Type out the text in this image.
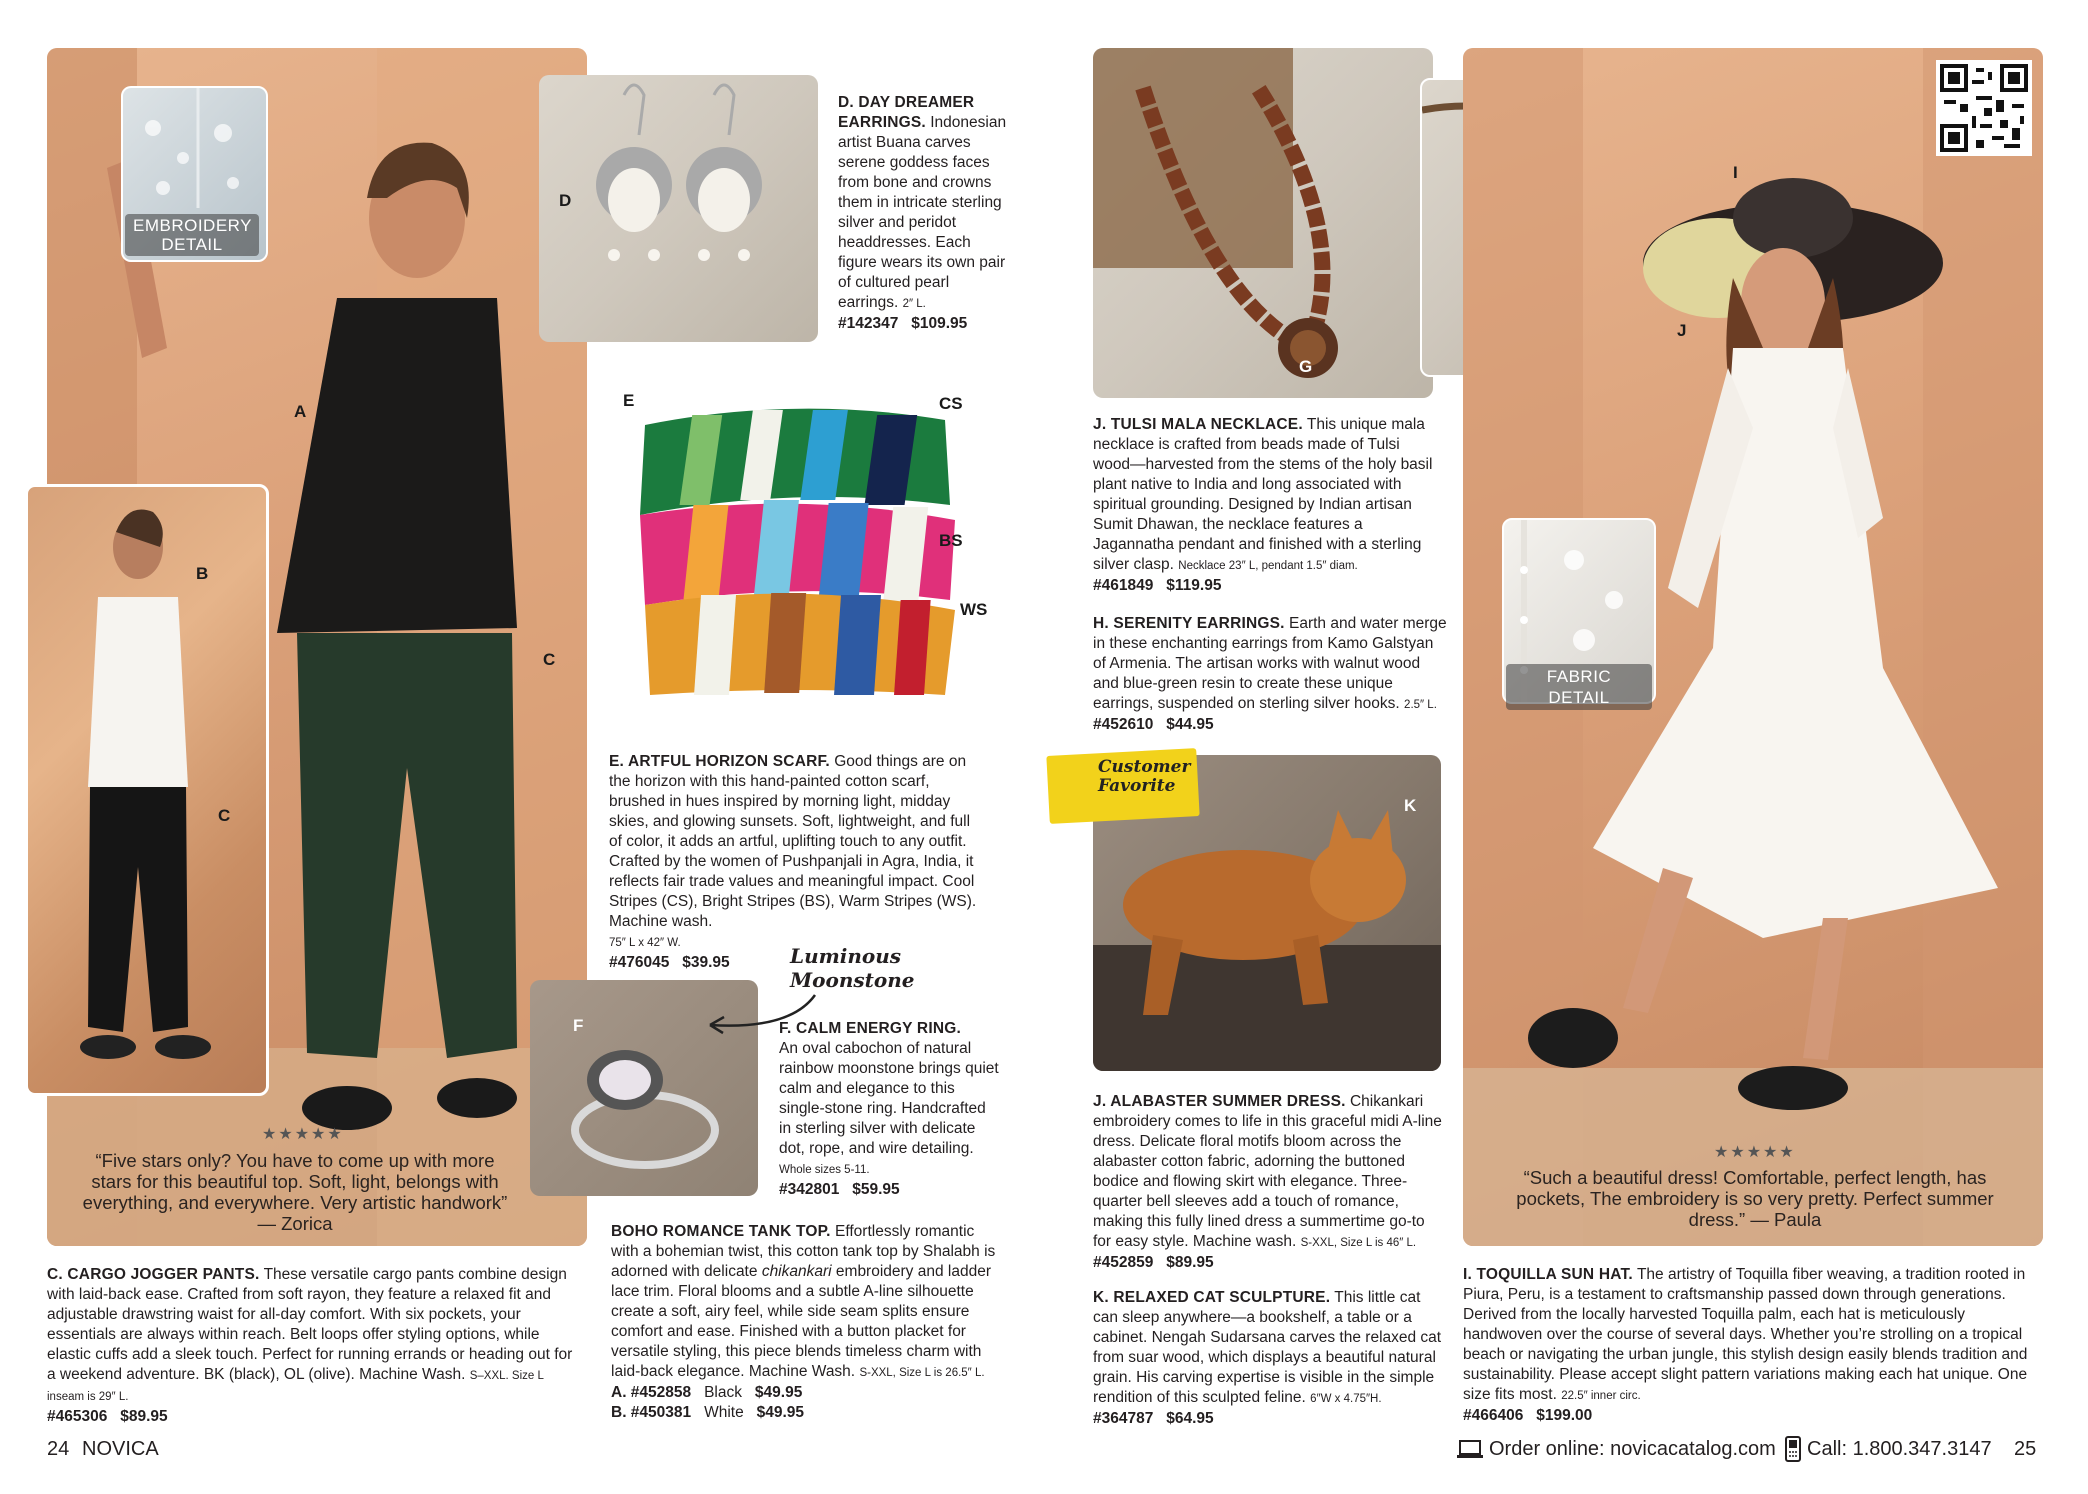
EMBROIDERY DETAIL
A
B
C
C
★★★★★
“Five stars only? You have to come up with more stars for this beautiful top. Soft, light, belongs with everything, and everywhere. Very artistic handwork” — Zorica
D
D. DAY DREAMER EARRINGS. Indonesian artist Buana carves serene goddess faces from bone and crowns them in intricate sterling silver and peridot headdresses. Each figure wears its own pair of cultured pearl earrings. 2″ L.
#142347 $109.95
E	CS
BS
WS
E. ARTFUL HORIZON SCARF. Good things are on the horizon with this hand-painted cotton scarf, brushed in hues inspired by morning light, midday skies, and glowing sunsets. Soft, lightweight, and full of color, it adds an artful, uplifting touch to any outfit. Crafted by the women of Pushpanjali in Agra, India, it reflects fair trade values and meaningful impact. Cool Stripes (CS), Bright Stripes (BS), Warm Stripes (WS). Machine wash.
75″ L x 42″ W.
#476045 $39.95
F
Luminous Moonstone
F. CALM ENERGY RING.
An oval cabochon of natural rainbow moonstone brings quiet calm and elegance to this single-stone ring. Handcrafted in sterling silver with delicate dot, rope, and wire detailing.
Whole sizes 5-11.
#342801 $59.95
C. CARGO JOGGER PANTS. These versatile cargo pants combine design with laid-back ease. Crafted from soft rayon, they feature a relaxed fit and adjustable drawstring waist for all-day comfort. With six pockets, your essentials are always within reach. Belt loops offer styling options, while elastic cuffs add a sleek touch. Perfect for running errands or heading out for a weekend adventure. BK (black), OL (olive). Machine Wash. S–XXL. Size L inseam is 29″ L.
#465306 $89.95
BOHO ROMANCE TANK TOP. Effortlessly romantic with a bohemian twist, this cotton tank top by Shalabh is adorned with delicate chikankari embroidery and ladder lace trim. Floral blooms and a subtle A-line silhouette create a soft, airy feel, while side seam splits ensure comfort and ease. Finished with a button placket for versatile styling, this piece blends timeless charm with laid-back elegance. Machine Wash. S-XXL, Size L is 26.5″ L.
A. #452858 Black $49.95
B. #450381 White $49.95
24 NOVICA
G
J. TULSI MALA NECKLACE. This unique mala necklace is crafted from beads made of Tulsi wood—harvested from the stems of the holy basil plant native to India and long associated with spiritual grounding. Designed by Indian artisan Sumit Dhawan, the necklace features a Jagannatha pendant and finished with a sterling silver clasp. Necklace 23″ L, pendant 1.5″ diam.
#461849 $119.95
H. SERENITY EARRINGS. Earth and water merge in these enchanting earrings from Kamo Galstyan of Armenia. The artisan works with walnut wood and blue-green resin to create these unique earrings, suspended on sterling silver hooks. 2.5″ L.
#452610 $44.95
K
Customer Favorite
J. ALABASTER SUMMER DRESS. Chikankari embroidery comes to life in this graceful midi A-line dress. Delicate floral motifs bloom across the alabaster cotton fabric, adorning the buttoned bodice and flowing skirt with elegance. Three-quarter bell sleeves add a touch of romance, making this fully lined dress a summertime go-to for easy style. Machine wash. S-XXL, Size L is 46″ L.
#452859 $89.95
K. RELAXED CAT SCULPTURE. This little cat can sleep anywhere—a bookshelf, a table or a cabinet. Nengah Sudarsana carves the relaxed cat from suar wood, which displays a beautiful natural grain. His carving expertise is visible in the simple rendition of this sculpted feline. 6″W x 4.75″H.
#364787 $64.95
I
J
FABRIC DETAIL
★★★★★
“Such a beautiful dress! Comfortable, perfect length, has pockets, The embroidery is so very pretty. Perfect summer dress.” — Paula
I. TOQUILLA SUN HAT. The artistry of Toquilla fiber weaving, a tradition rooted in Piura, Peru, is a testament to craftsmanship passed down through generations. Derived from the locally harvested Toquilla palm, each hat is meticulously handwoven over the course of several days. Whether you’re strolling on a tropical beach or navigating the urban jungle, this stylish design easily blends tradition and sustainability. Please accept slight pattern variations making each hat unique. One size fits most. 22.5″ inner circ.
#466406 $199.00
Order online: novicacatalog.com Call: 1.800.347.3147 25
